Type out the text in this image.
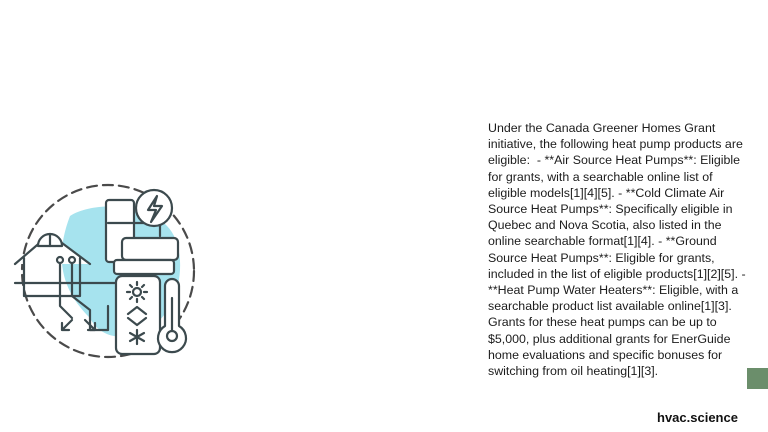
Under the Canada Greener Homes Grant initiative, the following heat pump products are eligible:  - **Air Source Heat Pumps**: Eligible for grants, with a searchable online list of eligible models[1][4][5]. - **Cold Climate Air Source Heat Pumps**: Specifically eligible in Quebec and Nova Scotia, also listed in the online searchable format[1][4]. - **Ground Source Heat Pumps**: Eligible for grants, included in the list of eligible products[1][2][5]. - **Heat Pump Water Heaters**: Eligible, with a searchable product list available online[1][3].

Grants for these heat pumps can be up to $5,000, plus additional grants for EnerGuide home evaluations and specific bonuses for switching from oil heating[1][3].

hvac.science
